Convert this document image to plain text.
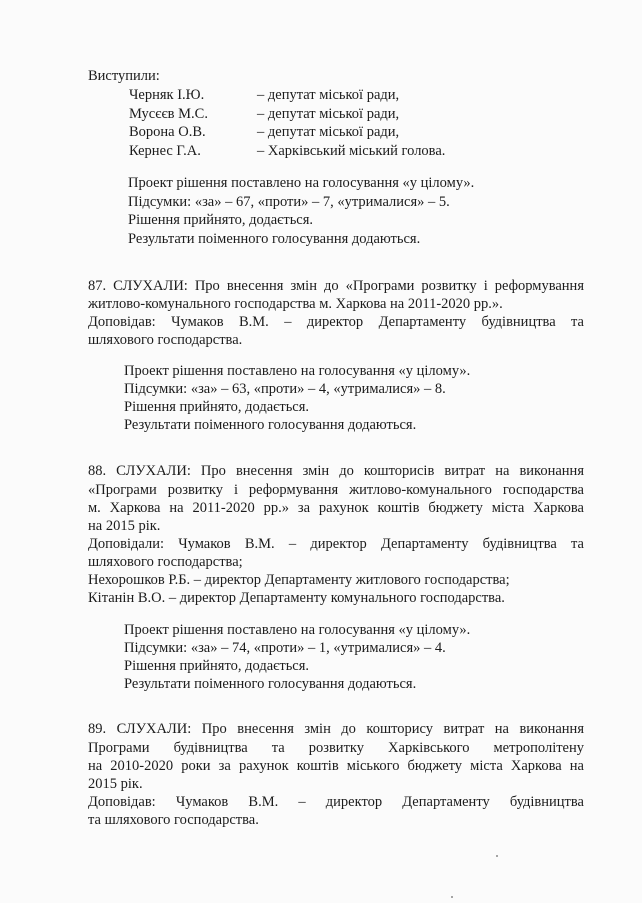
Виступили:
Черняк І.Ю.	– депутат міської ради,
Мусєєв М.С.	– депутат міської ради,
Ворона О.В.	– депутат міської ради,
Кернес Г.А.	– Харківський міський голова.
Проект рішення поставлено на голосування «у цілому».
Підсумки: «за» – 67, «проти» – 7, «утрималися» – 5.
Рішення прийнято, додається.
Результати поіменного голосування додаються.
87. СЛУХАЛИ: Про внесення змін до «Програми розвитку і реформування
житлово-комунального господарства м. Харкова на 2011-2020 рр.».
Доповідав: Чумаков В.М. – директор Департаменту будівництва та
шляхового господарства.
Проект рішення поставлено на голосування «у цілому».
Підсумки: «за» – 63, «проти» – 4, «утрималися» – 8.
Рішення прийнято, додається.
Результати поіменного голосування додаються.
88. СЛУХАЛИ: Про внесення змін до кошторисів витрат на виконання
«Програми розвитку і реформування житлово-комунального господарства
м. Харкова на 2011-2020 рр.» за рахунок коштів бюджету міста Харкова
на 2015 рік.
Доповідали: Чумаков В.М. – директор Департаменту будівництва та
шляхового господарства;
Нехорошков Р.Б. – директор Департаменту житлового господарства;
Кітанін В.О. – директор Департаменту комунального господарства.
Проект рішення поставлено на голосування «у цілому».
Підсумки: «за» – 74, «проти» – 1, «утрималися» – 4.
Рішення прийнято, додається.
Результати поіменного голосування додаються.
89. СЛУХАЛИ: Про внесення змін до кошторису витрат на виконання
Програми будівництва та розвитку Харківського метрополітену
на 2010-2020 роки за рахунок коштів міського бюджету міста Харкова на
2015 рік.
Доповідав: Чумаков В.М. – директор Департаменту будівництва
та шляхового господарства.
